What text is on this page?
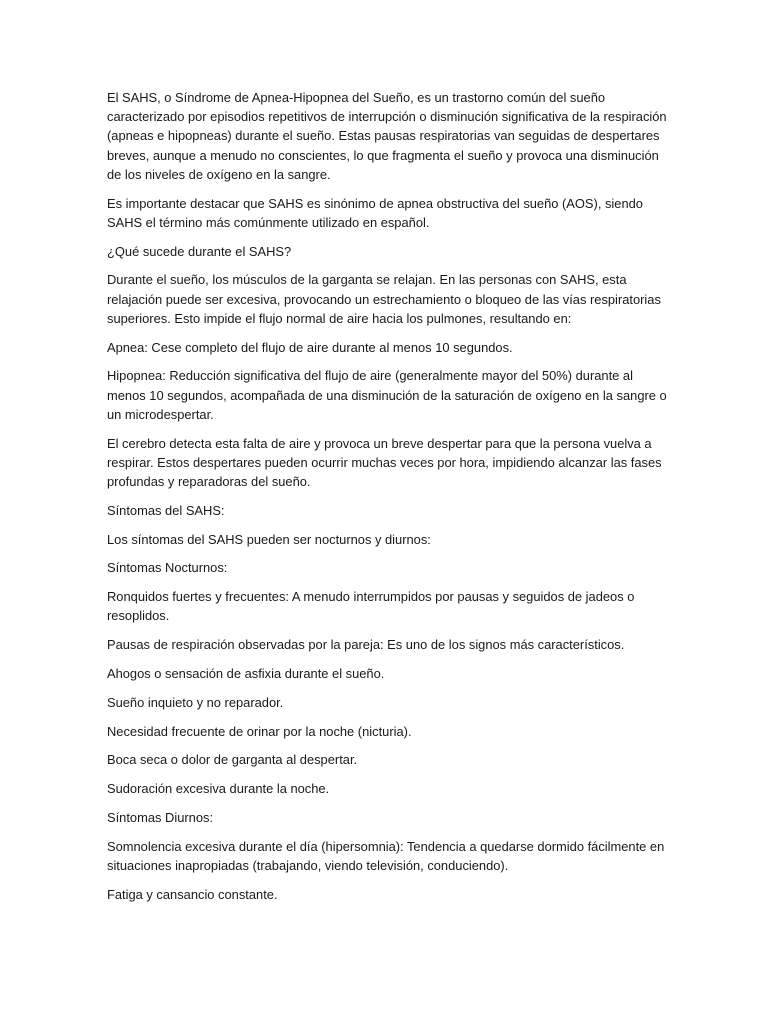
El SAHS, o Síndrome de Apnea-Hipopnea del Sueño, es un trastorno común del sueño caracterizado por episodios repetitivos de interrupción o disminución significativa de la respiración (apneas e hipopneas) durante el sueño. Estas pausas respiratorias van seguidas de despertares breves, aunque a menudo no conscientes, lo que fragmenta el sueño y provoca una disminución de los niveles de oxígeno en la sangre.

Es importante destacar que SAHS es sinónimo de apnea obstructiva del sueño (AOS), siendo SAHS el término más comúnmente utilizado en español.

¿Qué sucede durante el SAHS?

Durante el sueño, los músculos de la garganta se relajan. En las personas con SAHS, esta relajación puede ser excesiva, provocando un estrechamiento o bloqueo de las vías respiratorias superiores. Esto impide el flujo normal de aire hacia los pulmones, resultando en:

Apnea: Cese completo del flujo de aire durante al menos 10 segundos.

Hipopnea: Reducción significativa del flujo de aire (generalmente mayor del 50%) durante al menos 10 segundos, acompañada de una disminución de la saturación de oxígeno en la sangre o un microdespertar.

El cerebro detecta esta falta de aire y provoca un breve despertar para que la persona vuelva a respirar. Estos despertares pueden ocurrir muchas veces por hora, impidiendo alcanzar las fases profundas y reparadoras del sueño.

Síntomas del SAHS:

Los síntomas del SAHS pueden ser nocturnos y diurnos:

Síntomas Nocturnos:

Ronquidos fuertes y frecuentes: A menudo interrumpidos por pausas y seguidos de jadeos o resoplidos.

Pausas de respiración observadas por la pareja: Es uno de los signos más característicos.

Ahogos o sensación de asfixia durante el sueño.

Sueño inquieto y no reparador.

Necesidad frecuente de orinar por la noche (nicturia).

Boca seca o dolor de garganta al despertar.

Sudoración excesiva durante la noche.

Síntomas Diurnos:

Somnolencia excesiva durante el día (hipersomnia): Tendencia a quedarse dormido fácilmente en situaciones inapropiadas (trabajando, viendo televisión, conduciendo).

Fatiga y cansancio constante.
